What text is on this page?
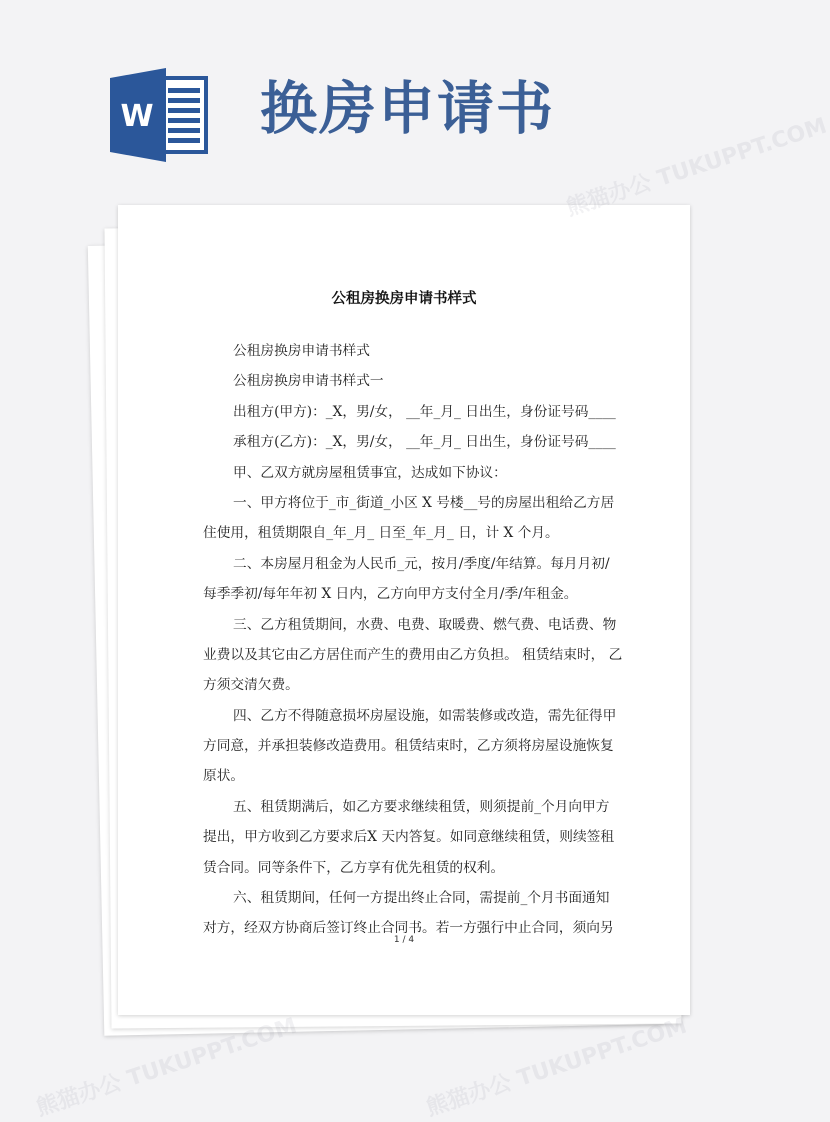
W 换房申请书
公租房换房申请书样式
公租房换房申请书样式
公租房换房申请书样式一
出租方(甲方)：_X，男/女， __年_月_ 日出生，身份证号码____
承租方(乙方)：_X，男/女， __年_月_ 日出生，身份证号码____
甲、乙双方就房屋租赁事宜，达成如下协议：
一、甲方将位于_市_街道_小区 X 号楼__号的房屋出租给乙方居
住使用，租赁期限自_年_月_ 日至_年_月_ 日，计 X 个月。
二、本房屋月租金为人民币_元，按月/季度/年结算。每月月初/
每季季初/每年年初 X 日内，乙方向甲方支付全月/季/年租金。
三、乙方租赁期间，水费、电费、取暖费、燃气费、电话费、物
业费以及其它由乙方居住而产生的费用由乙方负担。 租赁结束时， 乙
方须交清欠费。
四、乙方不得随意损坏房屋设施，如需装修或改造，需先征得甲
方同意，并承担装修改造费用。租赁结束时，乙方须将房屋设施恢复
原状。
五、租赁期满后，如乙方要求继续租赁，则须提前_个月向甲方
提出，甲方收到乙方要求后X 天内答复。如同意继续租赁，则续签租
赁合同。同等条件下，乙方享有优先租赁的权利。
六、租赁期间，任何一方提出终止合同，需提前_个月书面通知
对方，经双方协商后签订终止合同书。若一方强行中止合同，须向另
1 / 4
熊猫办公 TUKUPPT.COM
熊猫办公 TUKUPPT.COM	熊猫办公 TUKUPPT.COM
